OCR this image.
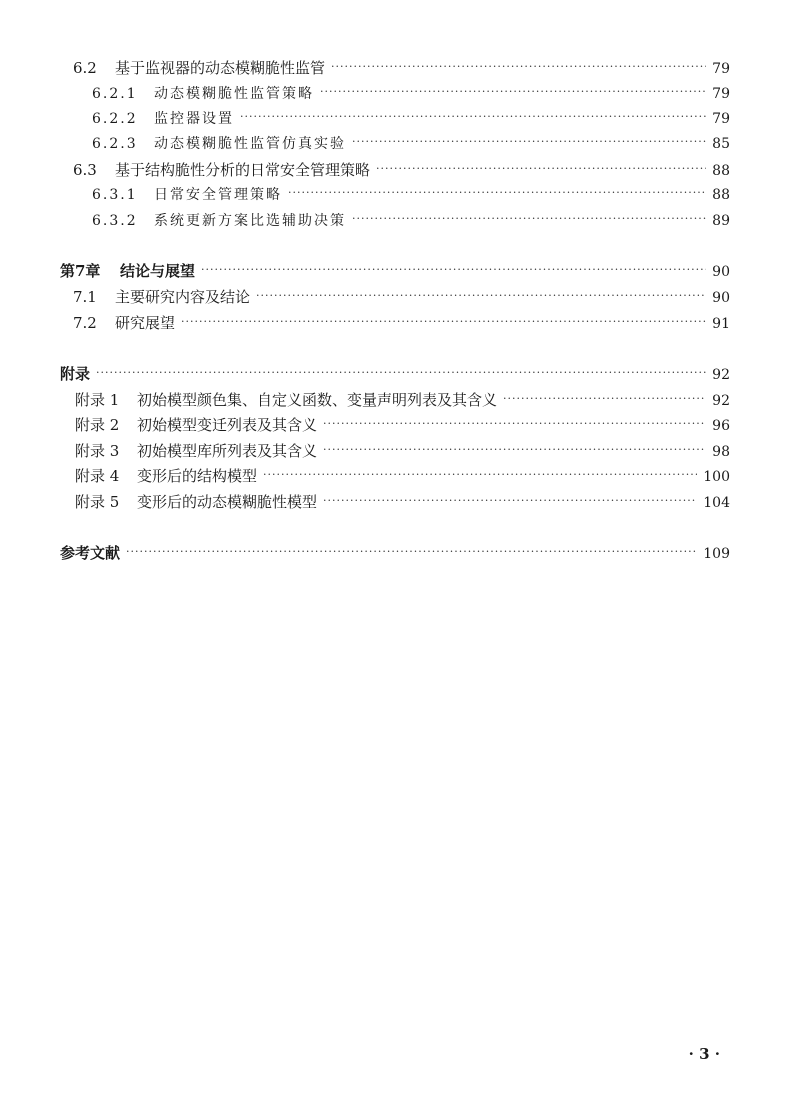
6.2	基于监视器的动态模糊脆性监管 ·····	79
6.2.1	动态模糊脆性监管策略 ·····	79
6.2.2	监控器设置 ·····	79
6.2.3	动态模糊脆性监管仿真实验 ·····	85
6.3	基于结构脆性分析的日常安全管理策略 ·····	88
6.3.1	日常安全管理策略 ·····	88
6.3.2	系统更新方案比选辅助决策 ·····	89
第7章	结论与展望 ·····	90
7.1	主要研究内容及结论 ·····	90
7.2	研究展望 ·····	91
附录 ·····	92
附录 1	初始模型颜色集、自定义函数、变量声明列表及其含义 ·····	92
附录 2	初始模型变迁列表及其含义 ·····	96
附录 3	初始模型库所列表及其含义 ·····	98
附录 4	变形后的结构模型 ·····	100
附录 5	变形后的动态模糊脆性模型 ·····	104
参考文献 ·····	109
· 3 ·
